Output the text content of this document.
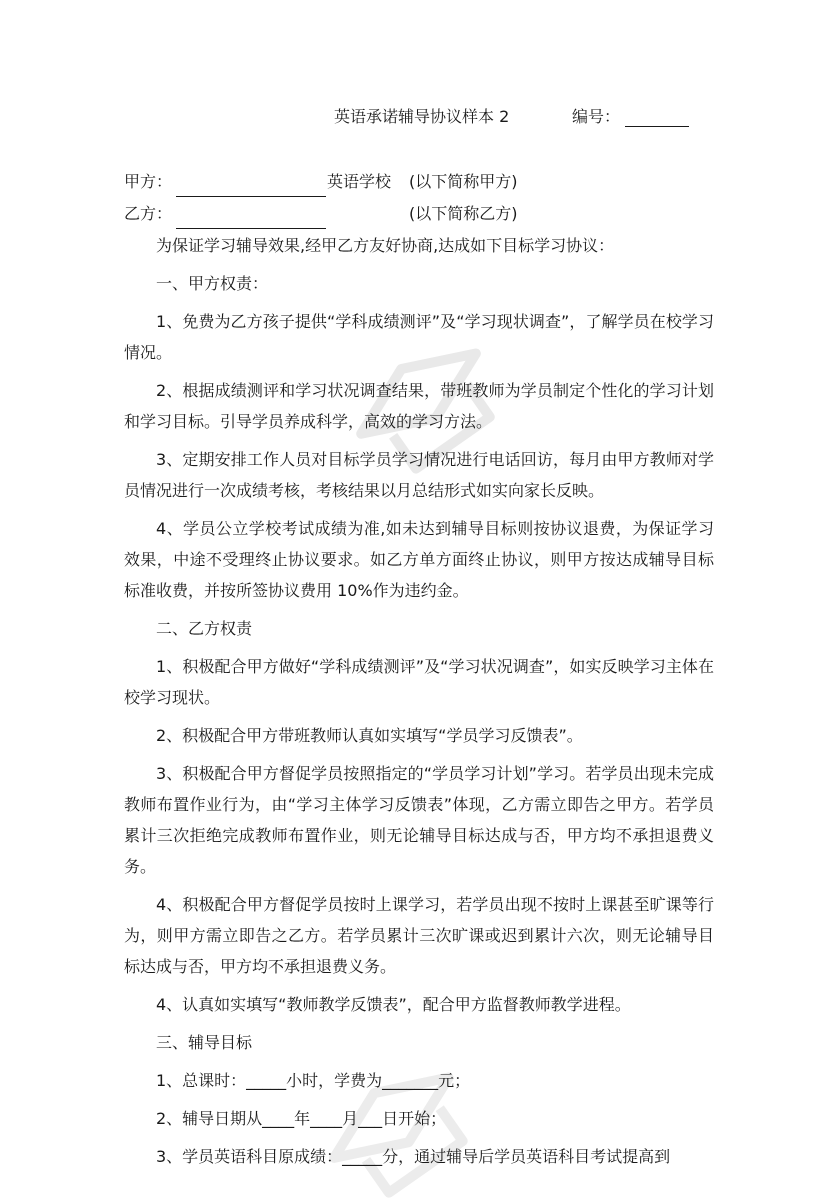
英语承诺辅导协议样本 2	编号：
甲方：	英语学校 (以下简称甲方)
乙方：	(以下简称乙方)

为保证学习辅导效果,经甲乙方友好协商,达成如下目标学习协议：

一、甲方权责：

1、免费为乙方孩子提供“学科成绩测评”及“学习现状调查”，了解学员在校学习情况。

2、根据成绩测评和学习状况调查结果，带班教师为学员制定个性化的学习计划和学习目标。引导学员养成科学，高效的学习方法。

3、定期安排工作人员对目标学员学习情况进行电话回访，每月由甲方教师对学员情况进行一次成绩考核，考核结果以月总结形式如实向家长反映。

4、学员公立学校考试成绩为准,如未达到辅导目标则按协议退费，为保证学习效果，中途不受理终止协议要求。如乙方单方面终止协议，则甲方按达成辅导目标标准收费，并按所签协议费用 10%作为违约金。

二、乙方权责

1、积极配合甲方做好“学科成绩测评”及“学习状况调查”，如实反映学习主体在校学习现状。

2、积极配合甲方带班教师认真如实填写“学员学习反馈表”。

3、积极配合甲方督促学员按照指定的“学员学习计划”学习。若学员出现未完成教师布置作业行为，由“学习主体学习反馈表”体现，乙方需立即告之甲方。若学员累计三次拒绝完成教师布置作业，则无论辅导目标达成与否，甲方均不承担退费义务。

4、积极配合甲方督促学员按时上课学习，若学员出现不按时上课甚至旷课等行为，则甲方需立即告之乙方。若学员累计三次旷课或迟到累计六次，则无论辅导目标达成与否，甲方均不承担退费义务。

4、认真如实填写“教师教学反馈表”，配合甲方监督教师教学进程。

三、辅导目标

1、总课时：_____小时，学费为_______元；

2、辅导日期从____年____月___日开始；

3、学员英语科目原成绩：_____分，通过辅导后学员英语科目考试提高到
